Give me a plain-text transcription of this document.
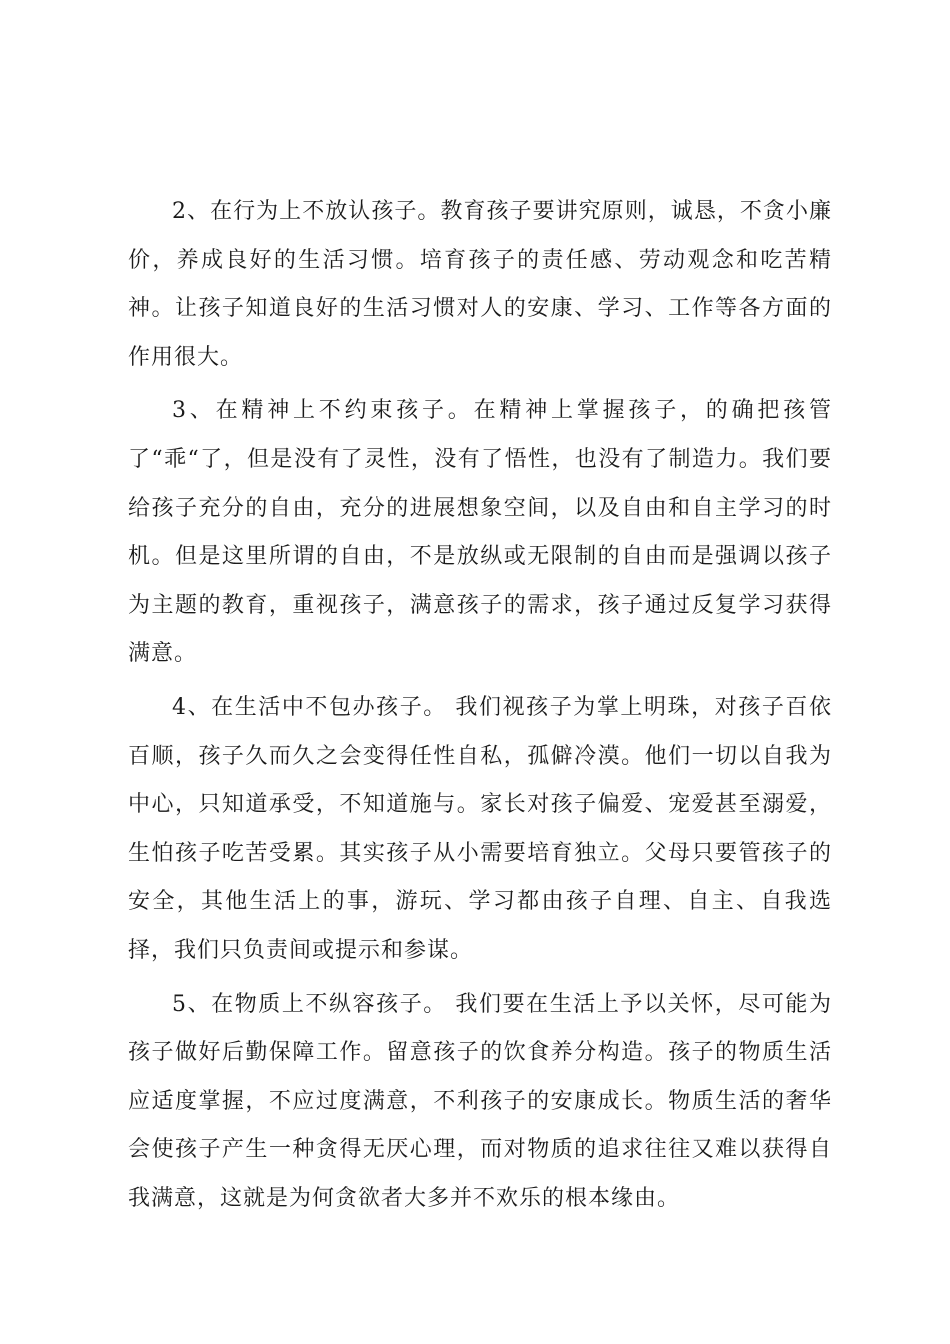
2、在行为上不放认孩子。教育孩子要讲究原则，诚恳，不贪小廉价，养成良好的生活习惯。培育孩子的责任感、劳动观念和吃苦精神。让孩子知道良好的生活习惯对人的安康、学习、工作等各方面的作用很大。

3、在精神上不约束孩子。在精神上掌握孩子，的确把孩管了“乖“了，但是没有了灵性，没有了悟性，也没有了制造力。我们要给孩子充分的自由，充分的进展想象空间，以及自由和自主学习的时机。但是这里所谓的自由，不是放纵或无限制的自由而是强调以孩子为主题的教育，重视孩子，满意孩子的需求，孩子通过反复学习获得满意。

4、在生活中不包办孩子。 我们视孩子为掌上明珠，对孩子百依百顺，孩子久而久之会变得任性自私，孤僻冷漠。他们一切以自我为中心，只知道承受，不知道施与。家长对孩子偏爱、宠爱甚至溺爱，生怕孩子吃苦受累。其实孩子从小需要培育独立。父母只要管孩子的安全，其他生活上的事，游玩、学习都由孩子自理、自主、自我选择，我们只负责间或提示和参谋。

5、在物质上不纵容孩子。 我们要在生活上予以关怀，尽可能为孩子做好后勤保障工作。留意孩子的饮食养分构造。孩子的物质生活应适度掌握，不应过度满意，不利孩子的安康成长。物质生活的奢华会使孩子产生一种贪得无厌心理，而对物质的追求往往又难以获得自我满意，这就是为何贪欲者大多并不欢乐的根本缘由。
